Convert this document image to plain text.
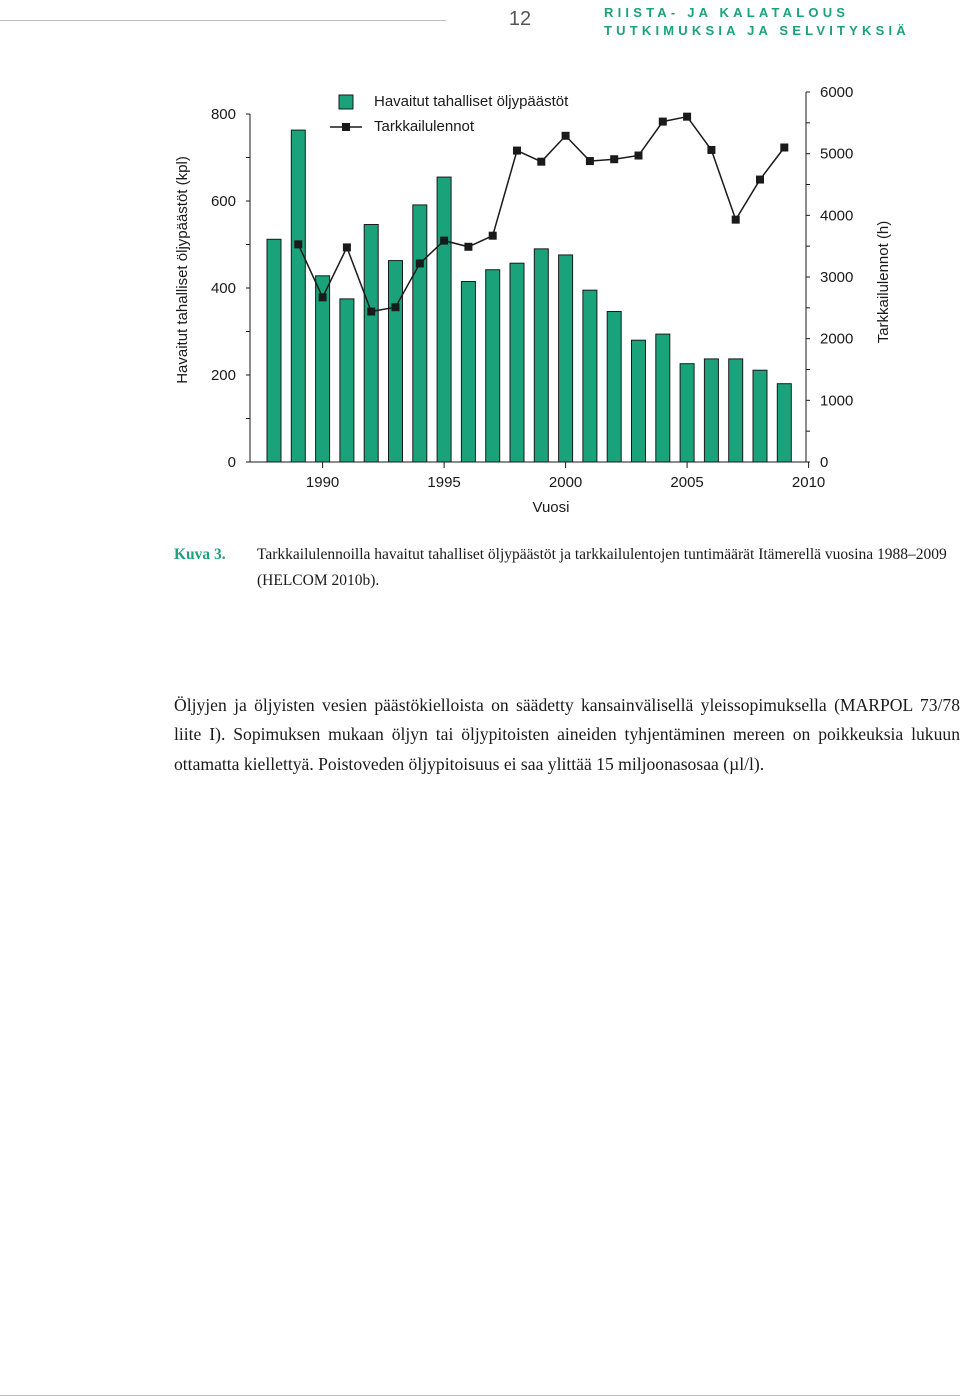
12	RIISTA- JA KALATALOUS
TUTKIMUKSIA JA SELVITYKSIÄ
0
200
400
600
800
0
1000
2000
3000
4000
5000
6000
1990	1995	2000	2005	2010
Vuosi
Havaitut tahalliset öljypäästöt (kpl)	Tarkkailulennot (h)
Havaitut tahalliset öljypäästöt
Tarkkailulennot
Kuva 3. Tarkkailulennoilla havaitut tahalliset öljypäästöt ja tarkkailulentojen tuntimäärät Itämerellä vuosina 1988–2009 (HELCOM 2010b).

Öljyjen ja öljyisten vesien päästökielloista on säädetty kansainvälisellä yleissopimuksella (MARPOL 73/78 liite I). Sopimuksen mukaan öljyn tai öljypitoisten aineiden tyhjentäminen mereen on poikkeuksia lukuun ottamatta kiellettyä. Poistoveden öljypitoisuus ei saa ylittää 15 miljoonasosaa (µl/l).
